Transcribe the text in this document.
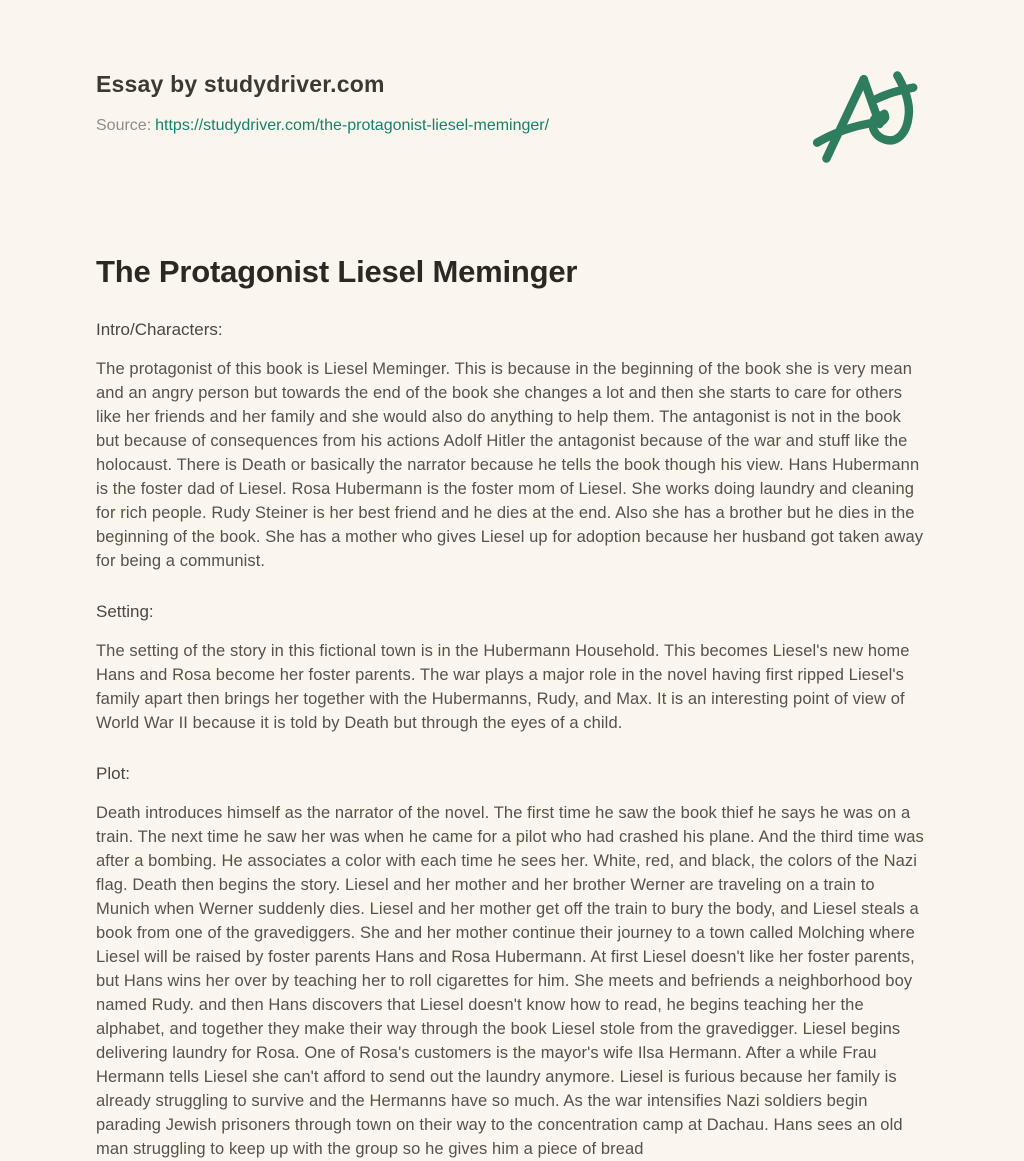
Essay by studydriver.com
Source: https://studydriver.com/the-protagonist-liesel-meminger/
The Protagonist Liesel Meminger
Intro/Characters:

The protagonist of this book is Liesel Meminger. This is because in the beginning of the book she is very mean and an angry person but towards the end of the book she changes a lot and then she starts to care for others like her friends and her family and she would also do anything to help them. The antagonist is not in the book but because of consequences from his actions Adolf Hitler the antagonist because of the war and stuff like the holocaust. There is Death or basically the narrator because he tells the book though his view. Hans Hubermann is the foster dad of Liesel. Rosa Hubermann is the foster mom of Liesel. She works doing laundry and cleaning for rich people. Rudy Steiner is her best friend and he dies at the end. Also she has a brother but he dies in the beginning of the book. She has a mother who gives Liesel up for adoption because her husband got taken away for being a communist.

Setting:

The setting of the story in this fictional town is in the Hubermann Household. This becomes Liesel's new home Hans and Rosa become her foster parents. The war plays a major role in the novel having first ripped Liesel's family apart then brings her together with the Hubermanns, Rudy, and Max. It is an interesting point of view of World War II because it is told by Death but through the eyes of a child.

Plot:

Death introduces himself as the narrator of the novel. The first time he saw the book thief he says he was on a train. The next time he saw her was when he came for a pilot who had crashed his plane. And the third time was after a bombing. He associates a color with each time he sees her. White, red, and black, the colors of the Nazi flag. Death then begins the story. Liesel and her mother and her brother Werner are traveling on a train to Munich when Werner suddenly dies. Liesel and her mother get off the train to bury the body, and Liesel steals a book from one of the gravediggers. She and her mother continue their journey to a town called Molching where Liesel will be raised by foster parents Hans and Rosa Hubermann. At first Liesel doesn't like her foster parents, but Hans wins her over by teaching her to roll cigarettes for him. She meets and befriends a neighborhood boy named Rudy. and then Hans discovers that Liesel doesn't know how to read, he begins teaching her the alphabet, and together they make their way through the book Liesel stole from the gravedigger. Liesel begins delivering laundry for Rosa. One of Rosa's customers is the mayor's wife Ilsa Hermann. After a while Frau Hermann tells Liesel she can't afford to send out the laundry anymore. Liesel is furious because her family is already struggling to survive and the Hermanns have so much. As the war intensifies Nazi soldiers begin parading Jewish prisoners through town on their way to the concentration camp at Dachau. Hans sees an old man struggling to keep up with the group so he gives him a piece of bread
